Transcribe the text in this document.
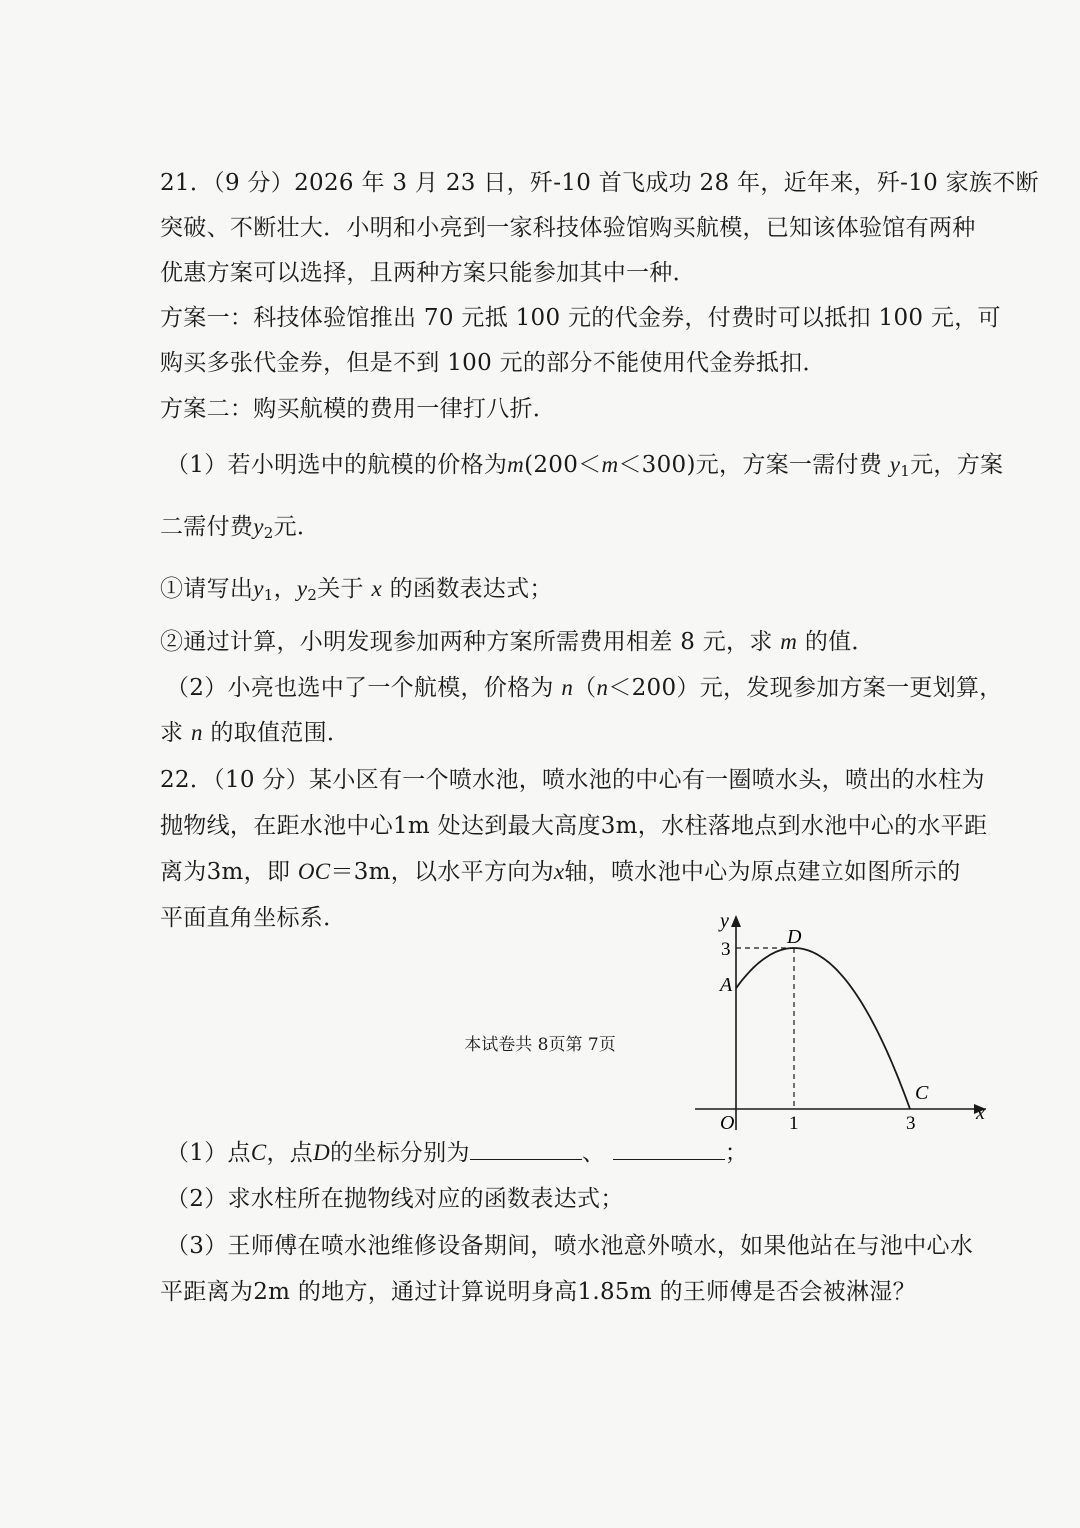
21．（9 分）2026 年 3 月 23 日，歼-10 首飞成功 28 年，近年来，歼-10 家族不断
突破、不断壮大．小明和小亮到一家科技体验馆购买航模，已知该体验馆有两种
优惠方案可以选择，且两种方案只能参加其中一种．
方案一：科技体验馆推出 70 元抵 100 元的代金券，付费时可以抵扣 100 元，可
购买多张代金券，但是不到 100 元的部分不能使用代金券抵扣．
方案二：购买航模的费用一律打八折．
（1）若小明选中的航模的价格为m(200＜m＜300)元，方案一需付费 $y_1$元，方案
二需付费$y_2$元．
①请写出$y_1$，$y_2$关于 x 的函数表达式；
②通过计算，小明发现参加两种方案所需费用相差 8 元，求 m 的值．
（2）小亮也选中了一个航模，价格为 n（n＜200）元，发现参加方案一更划算，
求 n 的取值范围．
22．（10 分）某小区有一个喷水池，喷水池的中心有一圈喷水头，喷出的水柱为
抛物线，在距水池中心1m 处达到最大高度3m，水柱落地点到水池中心的水平距
离为3m，即 OC＝3m，以水平方向为x轴，喷水池中心为原点建立如图所示的
平面直角坐标系．	y
x
O
3
A
D
C
1	3
（1）点C，点D的坐标分别为	、	；
（2）求水柱所在抛物线对应的函数表达式；
（3）王师傅在喷水池维修设备期间，喷水池意外喷水，如果他站在与池中心水
平距离为2m 的地方，通过计算说明身高1.85m 的王师傅是否会被淋湿？
本试卷共 8页第 7页
